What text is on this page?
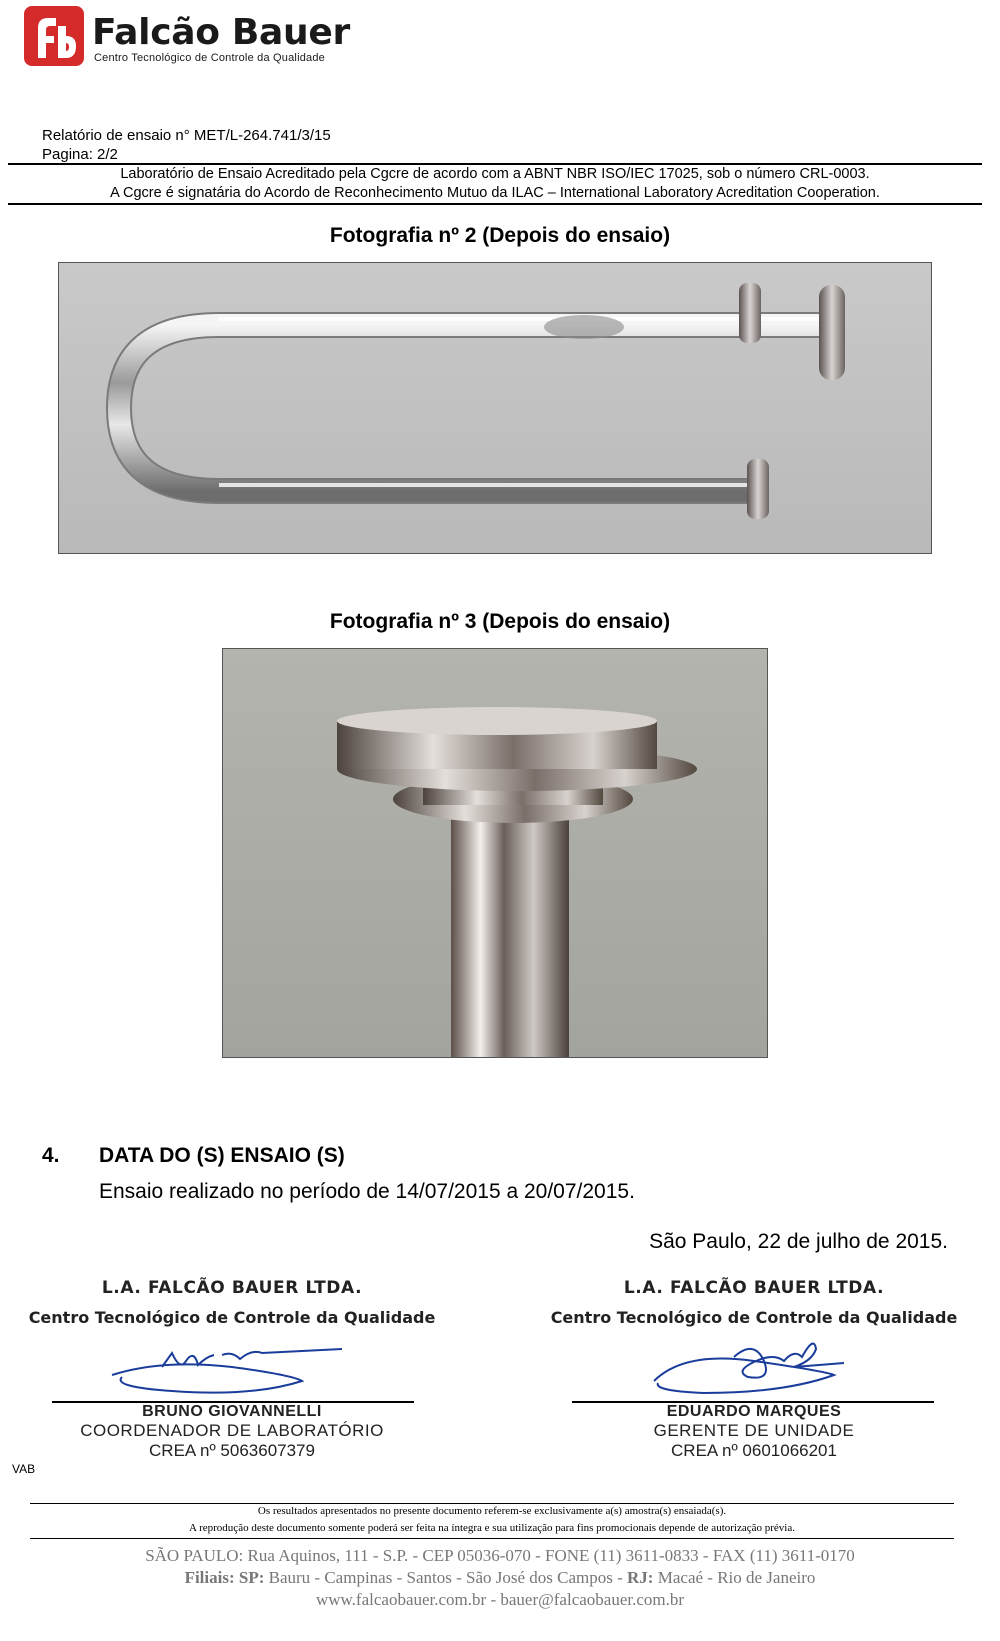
Falcão Bauer
Centro Tecnológico de Controle da Qualidade
Relatório de ensaio n° MET/L-264.741/3/15
Pagina: 2/2
Laboratório de Ensaio Acreditado pela Cgcre de acordo com a ABNT NBR ISO/IEC 17025, sob o número CRL-0003.
A Cgcre é signatária do Acordo de Reconhecimento Mutuo da ILAC – International Laboratory Acreditation Cooperation.
Fotografia nº 2 (Depois do ensaio)
Fotografia nº 3 (Depois do ensaio)
4. DATA DO (S) ENSAIO (S)
Ensaio realizado no período de 14/07/2015 a 20/07/2015.
São Paulo, 22 de julho de 2015.
L.A. FALCÃO BAUER LTDA.
Centro Tecnológico de Controle da Qualidade
BRUNO GIOVANNELLI
COORDENADOR DE LABORATÓRIO
CREA nº 5063607379
L.A. FALCÃO BAUER LTDA.
Centro Tecnológico de Controle da Qualidade
EDUARDO MARQUES
GERENTE DE UNIDADE
CREA nº 0601066201
VAB
Os resultados apresentados no presente documento referem-se exclusivamente a(s) amostra(s) ensaiada(s).
A reprodução deste documento somente poderá ser feita na íntegra e sua utilização para fins promocionais depende de autorização prévia.
SÃO PAULO: Rua Aquinos, 111 - S.P. - CEP 05036-070 - FONE (11) 3611-0833 - FAX (11) 3611-0170
Filiais: SP: Bauru - Campinas - Santos - São José dos Campos - RJ: Macaé - Rio de Janeiro
www.falcaobauer.com.br - bauer@falcaobauer.com.br
